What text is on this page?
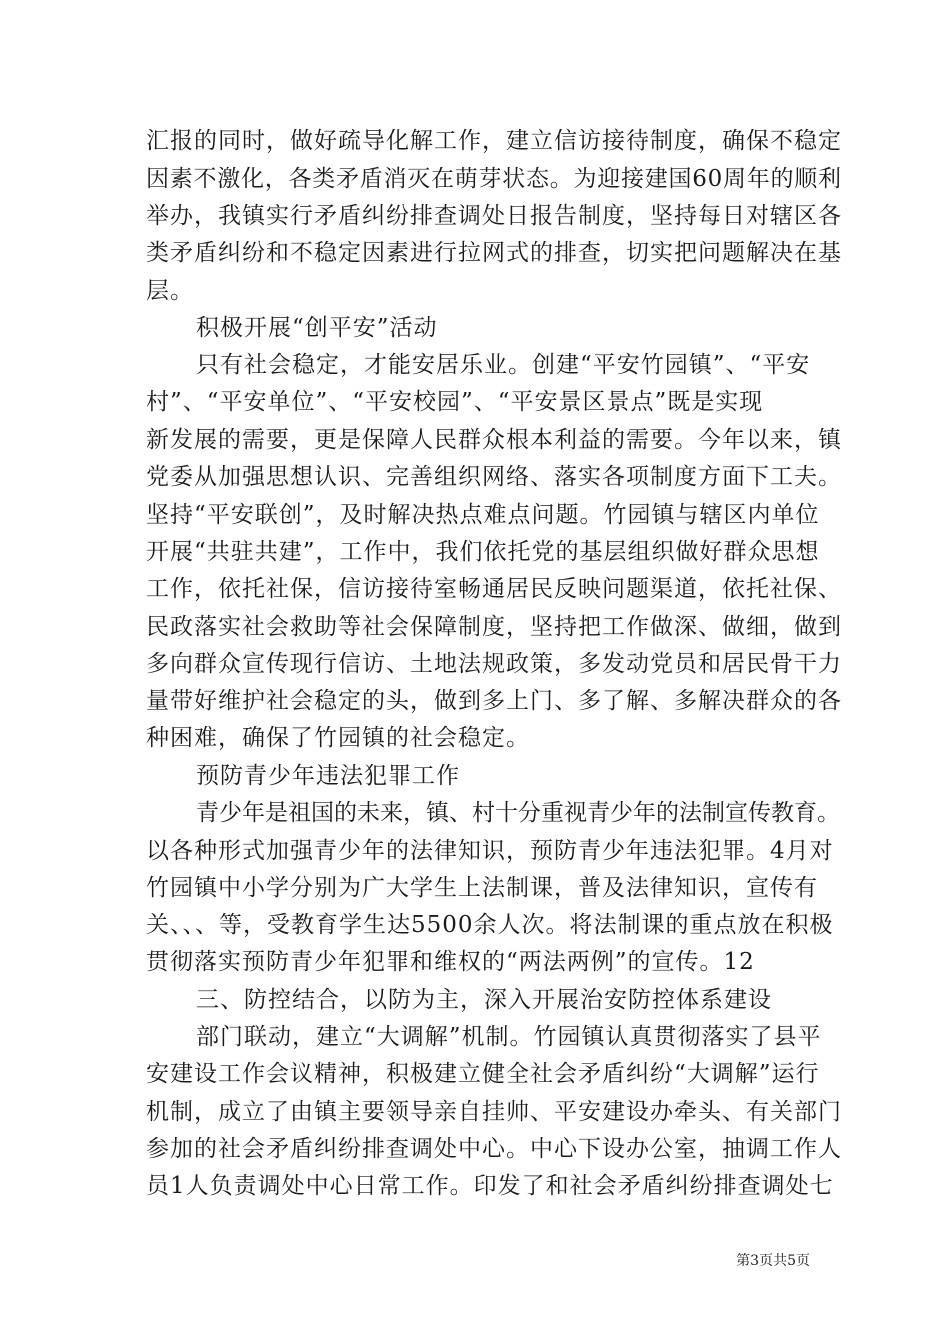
汇报的同时，做好疏导化解工作，建立信访接待制度，确保不稳定
因素不激化，各类矛盾消灭在萌芽状态。为迎接建国60周年的顺利
举办，我镇实行矛盾纠纷排查调处日报告制度，坚持每日对辖区各
类矛盾纠纷和不稳定因素进行拉网式的排查，切实把问题解决在基
层。
积极开展“创平安”活动
只有社会稳定，才能安居乐业。创建“平安竹园镇”、“平安
村”、“平安单位”、“平安校园”、“平安景区景点”既是实现
新发展的需要，更是保障人民群众根本利益的需要。今年以来，镇
党委从加强思想认识、完善组织网络、落实各项制度方面下工夫。
坚持“平安联创”，及时解决热点难点问题。竹园镇与辖区内单位
开展“共驻共建”，工作中，我们依托党的基层组织做好群众思想
工作，依托社保，信访接待室畅通居民反映问题渠道，依托社保、
民政落实社会救助等社会保障制度，坚持把工作做深、做细，做到
多向群众宣传现行信访、土地法规政策，多发动党员和居民骨干力
量带好维护社会稳定的头，做到多上门、多了解、多解决群众的各
种困难，确保了竹园镇的社会稳定。
预防青少年违法犯罪工作
青少年是祖国的未来，镇、村十分重视青少年的法制宣传教育。
以各种形式加强青少年的法律知识，预防青少年违法犯罪。4月对
竹园镇中小学分别为广大学生上法制课，普及法律知识，宣传有
关、、、等，受教育学生达5500余人次。将法制课的重点放在积极
贯彻落实预防青少年犯罪和维权的“两法两例”的宣传。12
三、防控结合，以防为主，深入开展治安防控体系建设
部门联动，建立“大调解”机制。竹园镇认真贯彻落实了县平
安建设工作会议精神，积极建立健全社会矛盾纠纷“大调解”运行
机制，成立了由镇主要领导亲自挂帅、平安建设办牵头、有关部门
参加的社会矛盾纠纷排查调处中心。中心下设办公室，抽调工作人
员1人负责调处中心日常工作。印发了和社会矛盾纠纷排查调处七
第3页共5页
